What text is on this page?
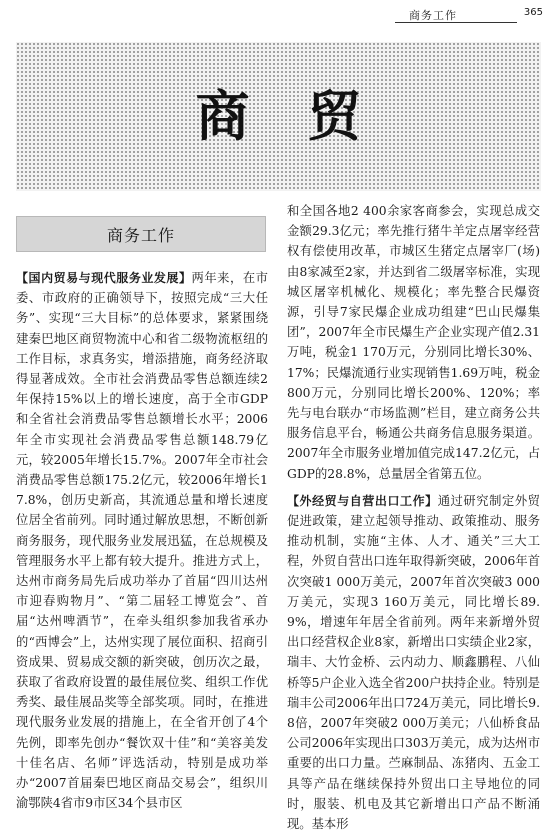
商务工作	365
商贸
商务工作

【国内贸易与现代服务业发展】两年来，在市委、市政府的正确领导下，按照完成“三大任务”、实现“三大目标”的总体要求，紧紧围绕建秦巴地区商贸物流中心和省二级物流枢纽的工作目标，求真务实，增添措施，商务经济取得显著成效。全市社会消费品零售总额连续2年保持15%以上的增长速度，高于全市GDP和全省社会消费品零售总额增长水平；2006年全市实现社会消费品零售总额148.79亿元，较2005年增长15.7%。2007年全市社会消费品零售总额175.2亿元，较2006年增长17.8%，创历史新高，其流通总量和增长速度位居全省前列。同时通过解放思想，不断创新商务服务，现代服务业发展迅猛，在总规模及管理服务水平上都有较大提升。推进方式上，达州市商务局先后成功举办了首届“四川达州市迎春购物月”、“第二届轻工博览会”、首届“达州啤酒节”，在牵头组织参加我省承办的“西博会”上，达州实现了展位面积、招商引资成果、贸易成交额的新突破，创历次之最，获取了省政府设置的最佳展位奖、组织工作优秀奖、最佳展品奖等全部奖项。同时，在推进现代服务业发展的措施上，在全省开创了4个先例，即率先创办“餐饮双十佳”和“美容美发十佳名店、名师”评选活动，特别是成功举办“2007首届秦巴地区商品交易会”，组织川渝鄂陕4省市9市区34个县市区

和全国各地2 400余家客商参会，实现总成交金额29.3亿元；率先推行猪牛羊定点屠宰经营权有偿使用改革，市城区生猪定点屠宰厂(场)由8家减至2家，并达到省二级屠宰标准，实现城区屠宰机械化、规模化；率先整合民爆资源，引导7家民爆企业成功组建“巴山民爆集团”，2007年全市民爆生产企业实现产值2.31万吨，税金1 170万元，分别同比增长30%、17%；民爆流通行业实现销售1.69万吨，税金800万元，分别同比增长200%、120%；率先与电台联办“市场监测”栏目，建立商务公共服务信息平台，畅通公共商务信息服务渠道。2007年全市服务业增加值完成147.2亿元，占GDP的28.8%，总量居全省第五位。

【外经贸与自营出口工作】通过研究制定外贸促进政策，建立起领导推动、政策推动、服务推动机制，实施“主体、人才、通关”三大工程，外贸自营出口连年取得新突破，2006年首次突破1 000万美元，2007年首次突破3 000万美元，实现3 160万美元，同比增长89.9%，增速年年居全省前列。两年来新增外贸出口经营权企业8家，新增出口实绩企业2家，瑞丰、大竹金桥、云内动力、顺鑫鹏程、八仙桥等5户企业入选全省200户扶持企业。特别是瑞丰公司2006年出口724万美元，同比增长9.8倍，2007年突破2 000万美元；八仙桥食品公司2006年实现出口303万美元，成为达州市重要的出口力量。苎麻制品、冻猪肉、五金工具等产品在继续保持外贸出口主导地位的同时，服装、机电及其它新增出口产品不断涌现。基本形
